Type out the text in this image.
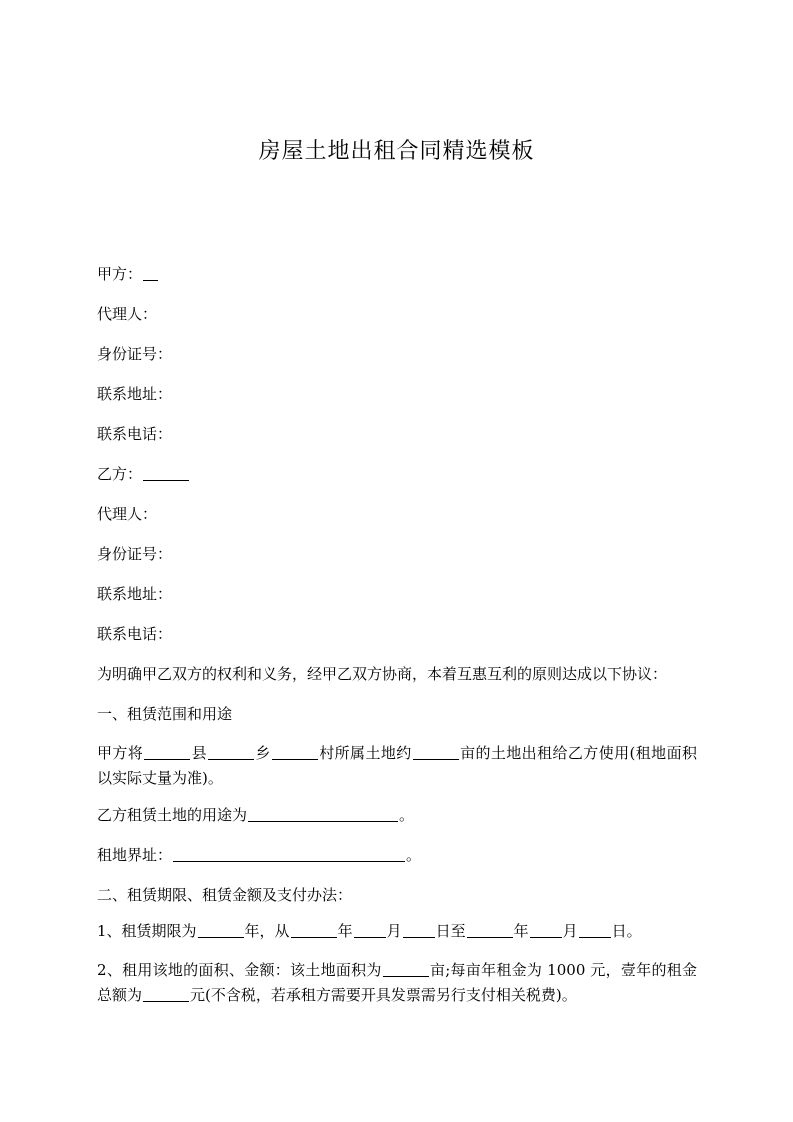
房屋土地出租合同精选模板
甲方：
代理人：
身份证号：
联系地址：
联系电话：
乙方：
代理人：
身份证号：
联系地址：
联系电话：
为明确甲乙双方的权利和义务，经甲乙双方协商，本着互惠互利的原则达成以下协议：
一、租赁范围和用途
甲方将	县	乡	村所属土地约	亩的土地出租给乙方使用(租地面积以实际丈量为准)。
乙方租赁土地的用途为	。
租地界址：	。
二、租赁期限、租赁金额及支付办法：
1、租赁期限为	年，从	年 月 日至	年 月 日。
2、租用该地的面积、金额：该土地面积为	亩;每亩年租金为 1000 元，壹年的租金总额为	元(不含税，若承租方需要开具发票需另行支付相关税费)。
